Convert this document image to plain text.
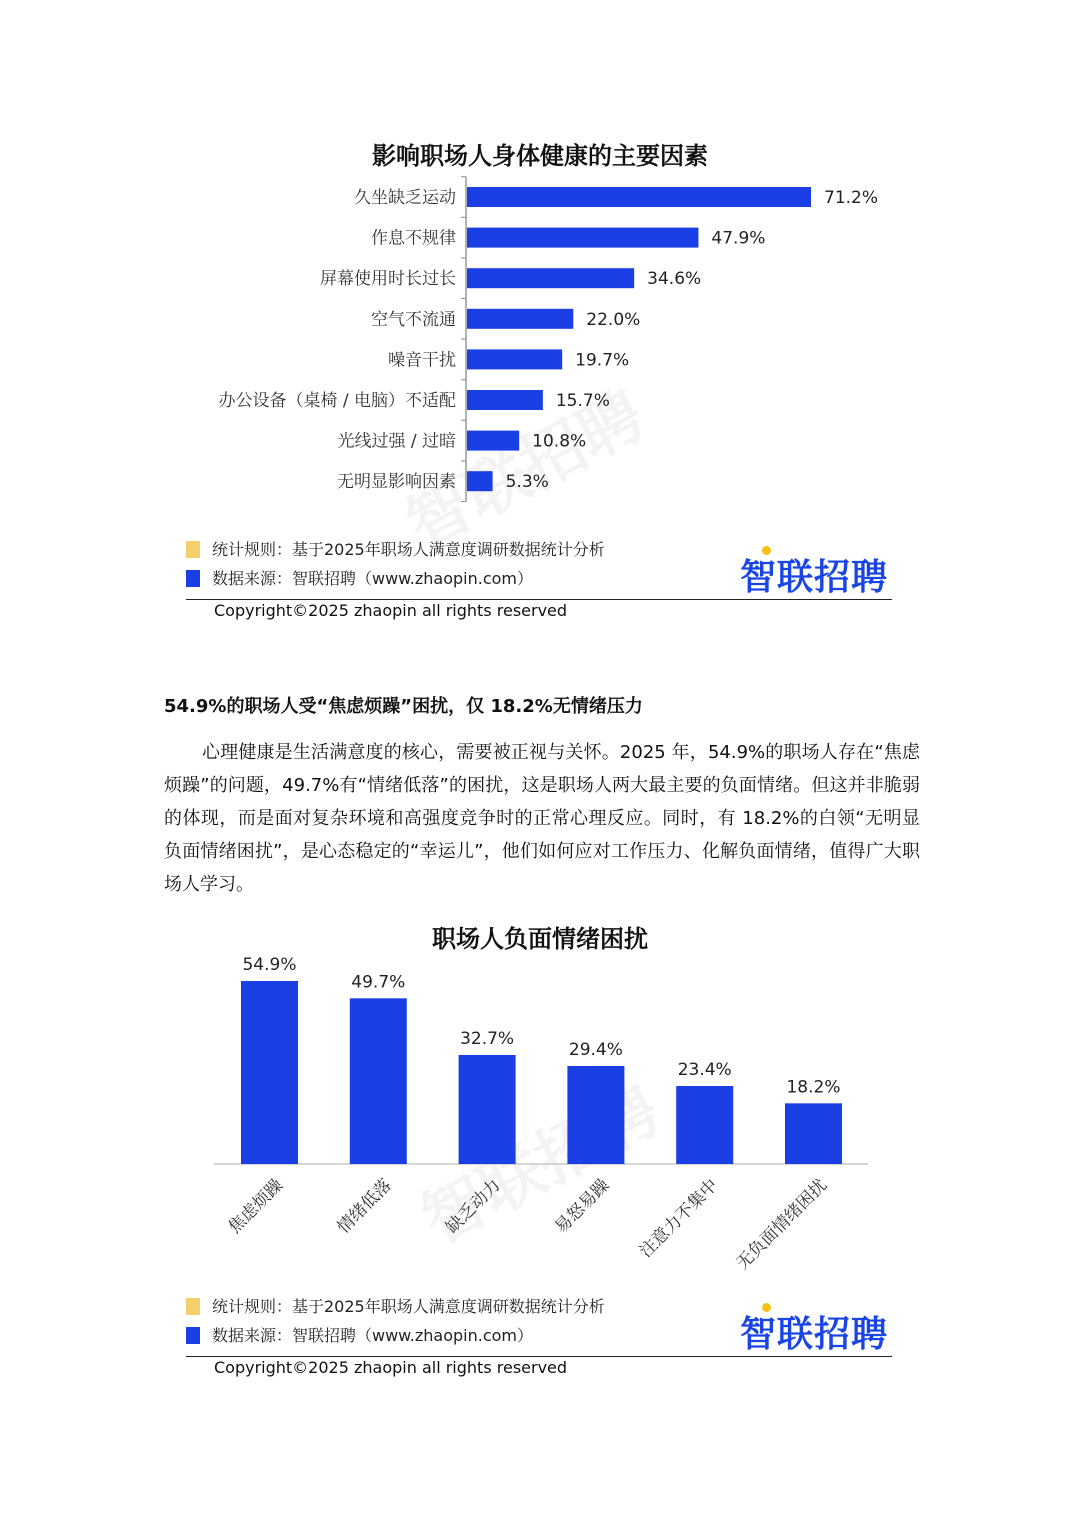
影响职场人身体健康的主要因素
久坐缺乏运动	71.2%
作息不规律	47.9%
屏幕使用时长过长	34.6%
空气不流通	22.0%
噪音干扰	19.7%
办公设备（桌椅 / 电脑）不适配	15.7%
光线过强 / 过暗	10.8%
无明显影响因素	5.3%
统计规则：基于2025年职场人满意度调研数据统计分析
数据来源：智联招聘（www.zhaopin.com）	智联招聘
Copyright©2025 zhaopin all rights reserved
54.9%的职场人受“焦虑烦躁”困扰，仅 18.2%无情绪压力

心理健康是生活满意度的核心，需要被正视与关怀。2025 年，54.9%的职场人存在“焦虑烦躁”的问题，49.7%有“情绪低落”的困扰，这是职场人两大最主要的负面情绪。但这并非脆弱的体现，而是面对复杂环境和高强度竞争时的正常心理反应。同时，有 18.2%的白领“无明显负面情绪困扰”，是心态稳定的“幸运儿”，他们如何应对工作压力、化解负面情绪，值得广大职场人学习。

职场人负面情绪困扰
54.9%
焦虑烦躁
49.7%
情绪低落
32.7%
缺乏动力
29.4%
易怒易躁
23.4%
注意力不集中
18.2%
无负面情绪困扰
统计规则：基于2025年职场人满意度调研数据统计分析
数据来源：智联招聘（www.zhaopin.com）	智联招聘
Copyright©2025 zhaopin all rights reserved
